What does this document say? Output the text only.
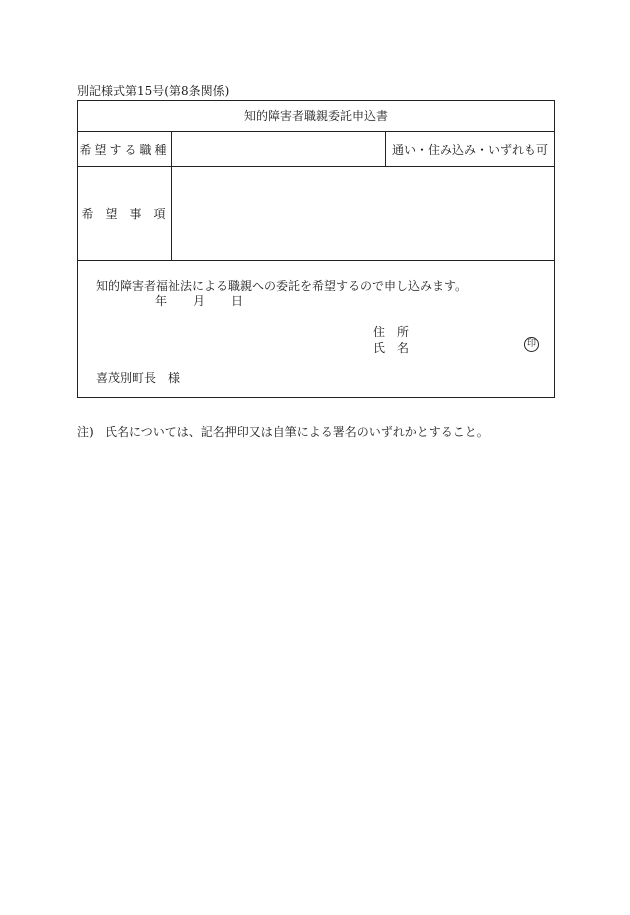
別記様式第15号(第8条関係)
知的障害者職親委託申込書
希望する職種	通い・住み込み・いずれも可
希望事項
知的障害者福祉法による職親への委託を希望するので申し込みます。
年 月 日
住所
氏名	印
喜茂別町長 様
注) 氏名については、記名押印又は自筆による署名のいずれかとすること。
